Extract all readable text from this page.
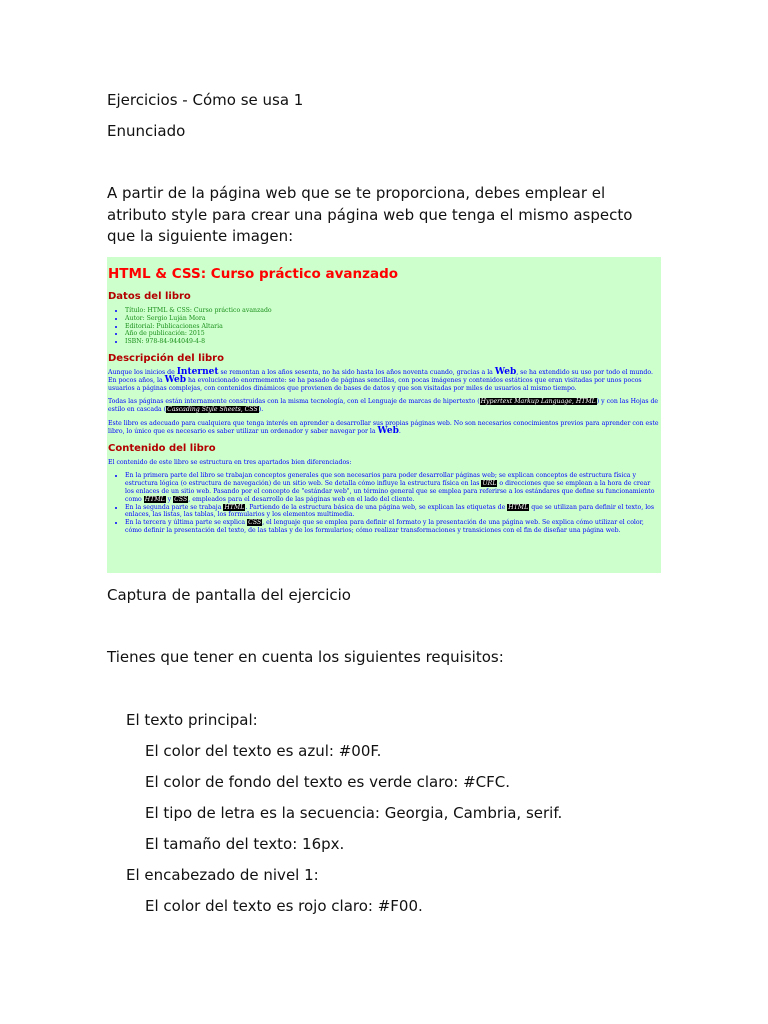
Ejercicios - Cómo se usa 1
Enunciado
A partir de la página web que se te proporciona, debes emplear el atributo style para crear una página web que tenga el mismo aspecto que la siguiente imagen:
HTML & CSS: Curso práctico avanzado
Datos del libro
• Título: HTML & CSS: Curso práctico avanzado
• Autor: Sergio Luján Mora
• Editorial: Publicaciones Altaria
• Año de publicación: 2015
• ISBN: 978-84-944049-4-8
Descripción del libro

Aunque los inicios de Internet se remontan a los años sesenta, no ha sido hasta los años noventa cuando, gracias a la Web, se ha extendido su uso por todo el mundo. En pocos años, la Web ha evolucionado enormemente: se ha pasado de páginas sencillas, con pocas imágenes y contenidos estáticos que eran visitadas por unos pocos usuarios a páginas complejas, con contenidos dinámicos que provienen de bases de datos y que son visitadas por miles de usuarios al mismo tiempo.

Todas las páginas están internamente construidas con la misma tecnología, con el Lenguaje de marcas de hipertexto (Hypertext Markup Language, HTML) y con las Hojas de estilo en cascada (Cascading Style Sheets, CSS).

Este libro es adecuado para cualquiera que tenga interés en aprender a desarrollar sus propias páginas web. No son necesarios conocimientos previos para aprender con este libro, lo único que es necesario es saber utilizar un ordenador y saber navegar por la Web.

Contenido del libro

El contenido de este libro se estructura en tres apartados bien diferenciados:

• En la primera parte del libro se trabajan conceptos generales que son necesarios para poder desarrollar páginas web; se explican conceptos de estructura física y estructura lógica (o estructura de navegación) de un sitio web. Se detalla cómo influye la estructura física en las URL o direcciones que se emplean a la hora de crear los enlaces de un sitio web. Pasando por el concepto de "estándar web", un término general que se emplea para referirse a los estándares que define su funcionamiento como HTML y CSS, empleados para el desarrollo de las páginas web en el lado del cliente.
• En la segunda parte se trabaja HTML. Partiendo de la estructura básica de una página web, se explican las etiquetas de HTML que se utilizan para definir el texto, los enlaces, las listas, las tablas, los formularios y los elementos multimedia.
• En la tercera y última parte se explica CSS, el lenguaje que se emplea para definir el formato y la presentación de una página web. Se explica cómo utilizar el color, cómo definir la presentación del texto, de las tablas y de los formularios; cómo realizar transformaciones y transiciones con el fin de diseñar una página web.
Captura de pantalla del ejercicio
Tienes que tener en cuenta los siguientes requisitos:
El texto principal:
El color del texto es azul: #00F.
El color de fondo del texto es verde claro: #CFC.
El tipo de letra es la secuencia: Georgia, Cambria, serif.
El tamaño del texto: 16px.
El encabezado de nivel 1:
El color del texto es rojo claro: #F00.
